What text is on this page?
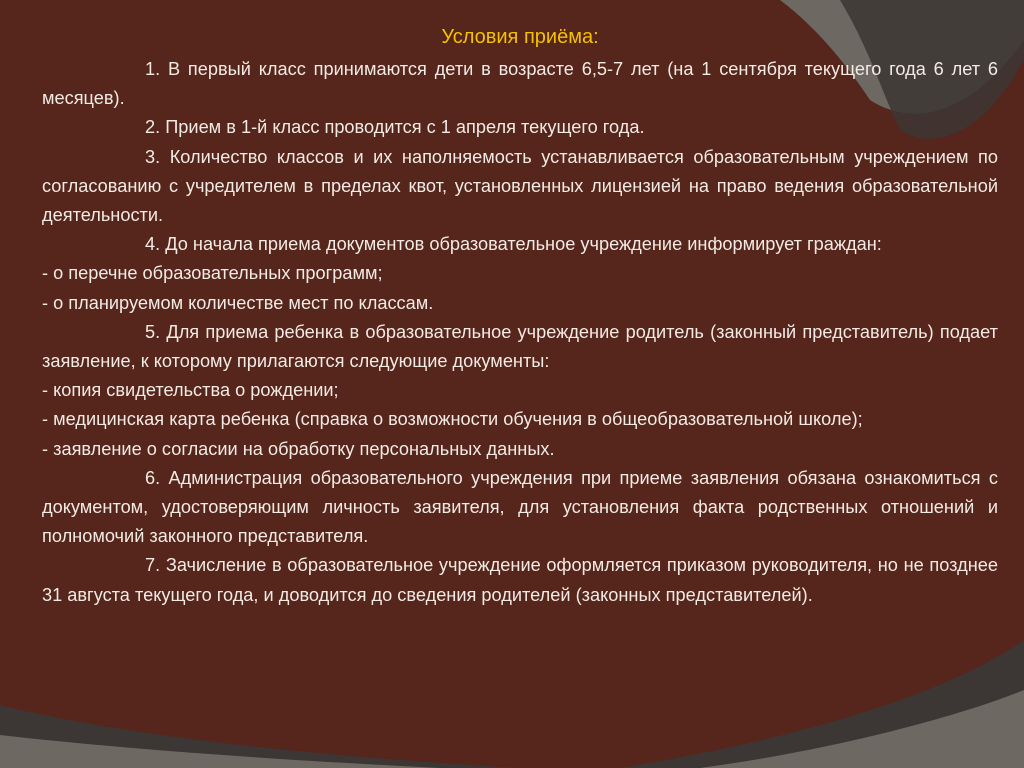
Условия приёма:

1. В первый класс принимаются дети в возрасте 6,5-7 лет (на 1 сентября текущего года 6 лет 6 месяцев).

2. Прием в 1-й класс проводится с 1 апреля текущего года.

3. Количество классов и их наполняемость устанавливается образовательным учреждением по согласованию с учредителем в пределах квот, установленных лицензией на право ведения образовательной деятельности.

4. До начала приема документов образовательное учреждение информирует граждан:

- о перечне образовательных программ;

- о планируемом количестве мест по классам.

5. Для приема ребенка в образовательное учреждение родитель (законный представитель) подает заявление, к которому прилагаются следующие документы:

- копия свидетельства о рождении;

- медицинская карта ребенка (справка о возможности обучения в общеобразовательной школе);

- заявление о согласии на обработку персональных данных.

6. Администрация образовательного учреждения при приеме заявления обязана ознакомиться с документом, удостоверяющим личность заявителя, для установления факта родственных отношений и полномочий законного представителя.

7. Зачисление в образовательное учреждение оформляется приказом руководителя, но не позднее 31 августа текущего года, и доводится до сведения родителей (законных представителей).
